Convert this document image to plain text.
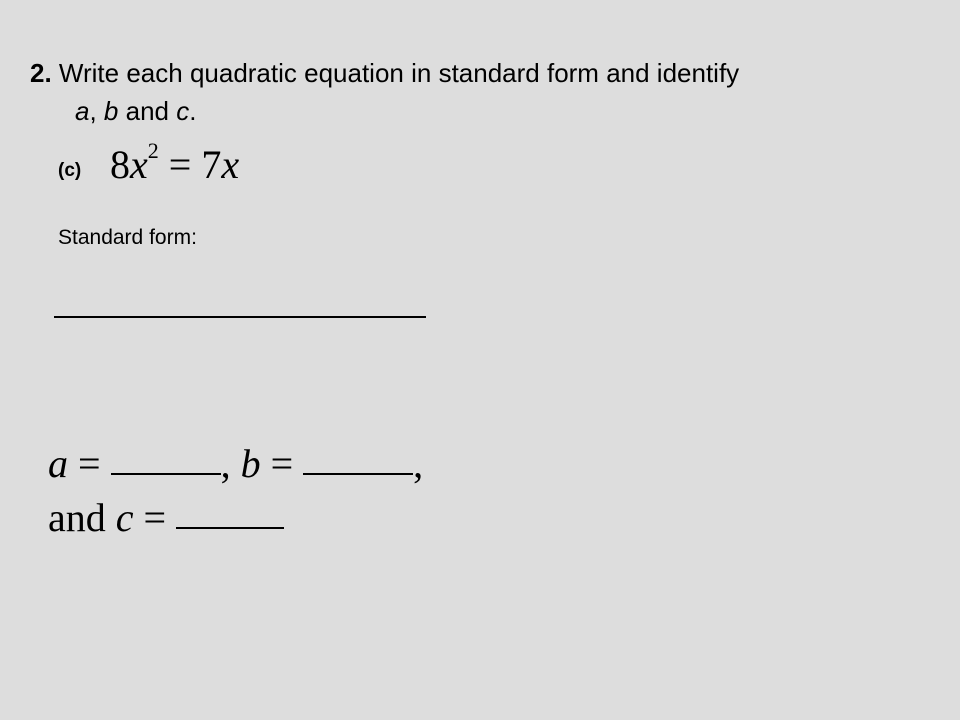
2. Write each quadratic equation in standard form and identify
a, b and c.
(c) $8x^2 = 7x$
Standard form:
a =	, b =	,
and c =
